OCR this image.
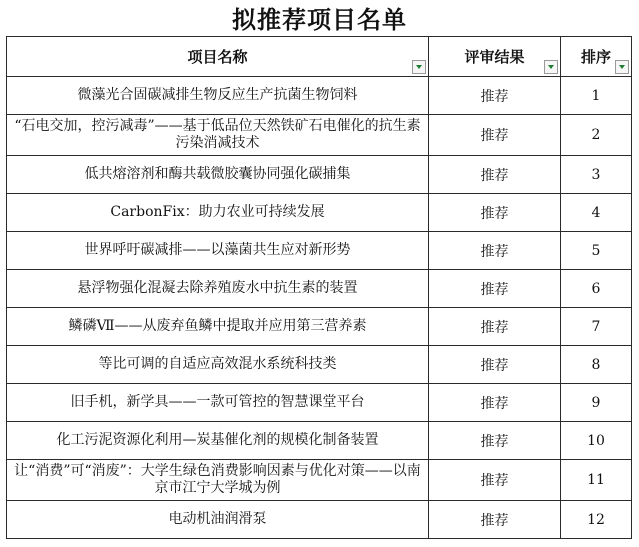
拟推荐项目名单
项目名称	评审结果	排序

微藻光合固碳减排生物反应生产抗菌生物饲料	推荐	1
“石电交加，控污减毒”——基于低品位天然铁矿石电催化的抗生素污染消减技术	推荐	2
低共熔溶剂和酶共载微胶囊协同强化碳捕集	推荐	3
CarbonFix：助力农业可持续发展	推荐	4
世界呼吁碳减排——以藻菌共生应对新形势	推荐	5
悬浮物强化混凝去除养殖废水中抗生素的装置	推荐	6
鳞磷Ⅶ——从废弃鱼鳞中提取并应用第三营养素	推荐	7
等比可调的自适应高效混水系统科技类	推荐	8
旧手机，新学具——一款可管控的智慧课堂平台	推荐	9
化工污泥资源化利用—炭基催化剂的规模化制备装置	推荐	10
让“消费”可“消废”：大学生绿色消费影响因素与优化对策——以南京市江宁大学城为例	推荐	11
电动机油润滑泵	推荐	12
